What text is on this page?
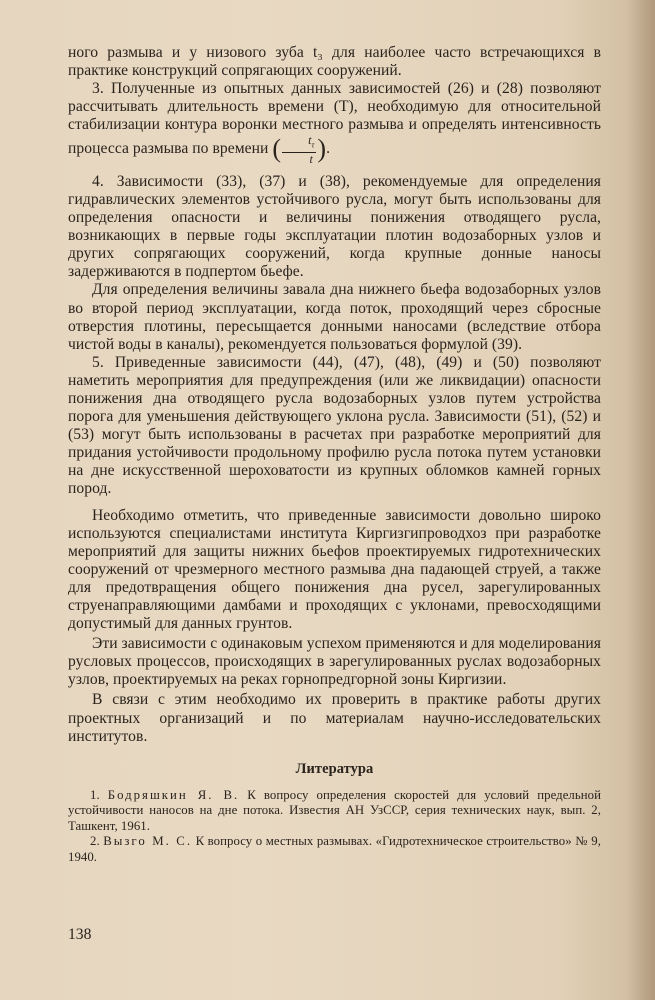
ного размыва и у низового зуба t₃ для наиболее часто встречающихся в практике конструкций сопрягающих сооружений.

3. Полученные из опытных данных зависимостей (26) и (28) позволяют рассчитывать длительность времени (T), необходимую для относительной стабилизации контура воронки местного размыва и определять интенсивность процесса размыва по времени ( $\frac{t_\tau}{t}$ ).

4. Зависимости (33), (37) и (38), рекомендуемые для определения гидравлических элементов устойчивого русла, могут быть использованы для определения опасности и величины понижения отводящего русла, возникающих в первые годы эксплуатации плотин водозаборных узлов и других сопрягающих сооружений, когда крупные донные наносы задерживаются в подпертом бьефе.

Для определения величины завала дна нижнего бьефа водозаборных узлов во второй период эксплуатации, когда поток, проходящий через сбросные отверстия плотины, пересыщается донными наносами (вследствие отбора чистой воды в каналы), рекомендуется пользоваться формулой (39).

5. Приведенные зависимости (44), (47), (48), (49) и (50) позволяют наметить мероприятия для предупреждения (или же ликвидации) опасности понижения дна отводящего русла водозаборных узлов путем устройства порога для уменьшения действующего уклона русла. Зависимости (51), (52) и (53) могут быть использованы в расчетах при разработке мероприятий для придания устойчивости продольному профилю русла потока путем установки на дне искусственной шероховатости из крупных обломков камней горных пород.

Необходимо отметить, что приведенные зависимости довольно широко используются специалистами института Киргизгипроводхоз при разработке мероприятий для защиты нижних бьефов проектируемых гидротехнических сооружений от чрезмерного местного размыва дна падающей струей, а также для предотвращения общего понижения дна русел, зарегулированных струенаправляющими дамбами и проходящих с уклонами, превосходящими допустимый для данных грунтов.

Эти зависимости с одинаковым успехом применяются и для моделирования русловых процессов, происходящих в зарегулированных руслах водозаборных узлов, проектируемых на реках горнопредгорной зоны Киргизии.

В связи с этим необходимо их проверить в практике работы других проектных организаций и по материалам научно-исследовательских институтов.

Литература

1. Бодряшкин Я. В. К вопросу определения скоростей для условий предельной устойчивости наносов на дне потока. Известия АН УзССР, серия технических наук, вып. 2, Ташкент, 1961.

2. Вызго М. С. К вопросу о местных размывах. «Гидротехническое строительство» № 9, 1940.

138
